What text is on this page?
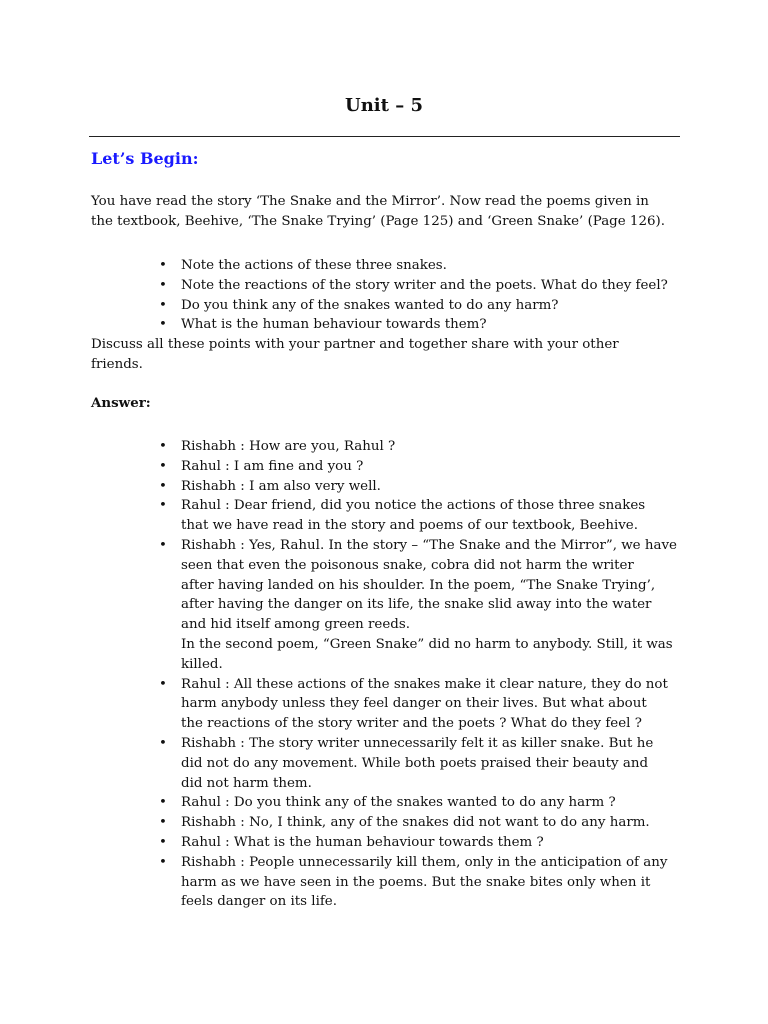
Unit – 5
Let’s Begin:

You have read the story ‘The Snake and the Mirror’. Now read the poems given in
the textbook, Beehive, ‘The Snake Trying’ (Page 125) and ‘Green Snake’ (Page 126).

• Note the actions of these three snakes.
• Note the reactions of the story writer and the poets. What do they feel?
• Do you think any of the snakes wanted to do any harm?
• What is the human behaviour towards them?

Discuss all these points with your partner and together share with your other
friends.

Answer:

• Rishabh : How are you, Rahul ?
• Rahul : I am fine and you ?
• Rishabh : I am also very well.
• Rahul : Dear friend, did you notice the actions of those three snakes
that we have read in the story and poems of our textbook, Beehive.
• Rishabh : Yes, Rahul. In the story – “The Snake and the Mirror”, we have
seen that even the poisonous snake, cobra did not harm the writer
after having landed on his shoulder. In the poem, “The Snake Trying’,
after having the danger on its life, the snake slid away into the water
and hid itself among green reeds.
In the second poem, “Green Snake” did no harm to anybody. Still, it was
killed.
• Rahul : All these actions of the snakes make it clear nature, they do not
harm anybody unless they feel danger on their lives. But what about
the reactions of the story writer and the poets ? What do they feel ?
• Rishabh : The story writer unnecessarily felt it as killer snake. But he
did not do any movement. While both poets praised their beauty and
did not harm them.
• Rahul : Do you think any of the snakes wanted to do any harm ?
• Rishabh : No, I think, any of the snakes did not want to do any harm.
• Rahul : What is the human behaviour towards them ?
• Rishabh : People unnecessarily kill them, only in the anticipation of any
harm as we have seen in the poems. But the snake bites only when it
feels danger on its life.
